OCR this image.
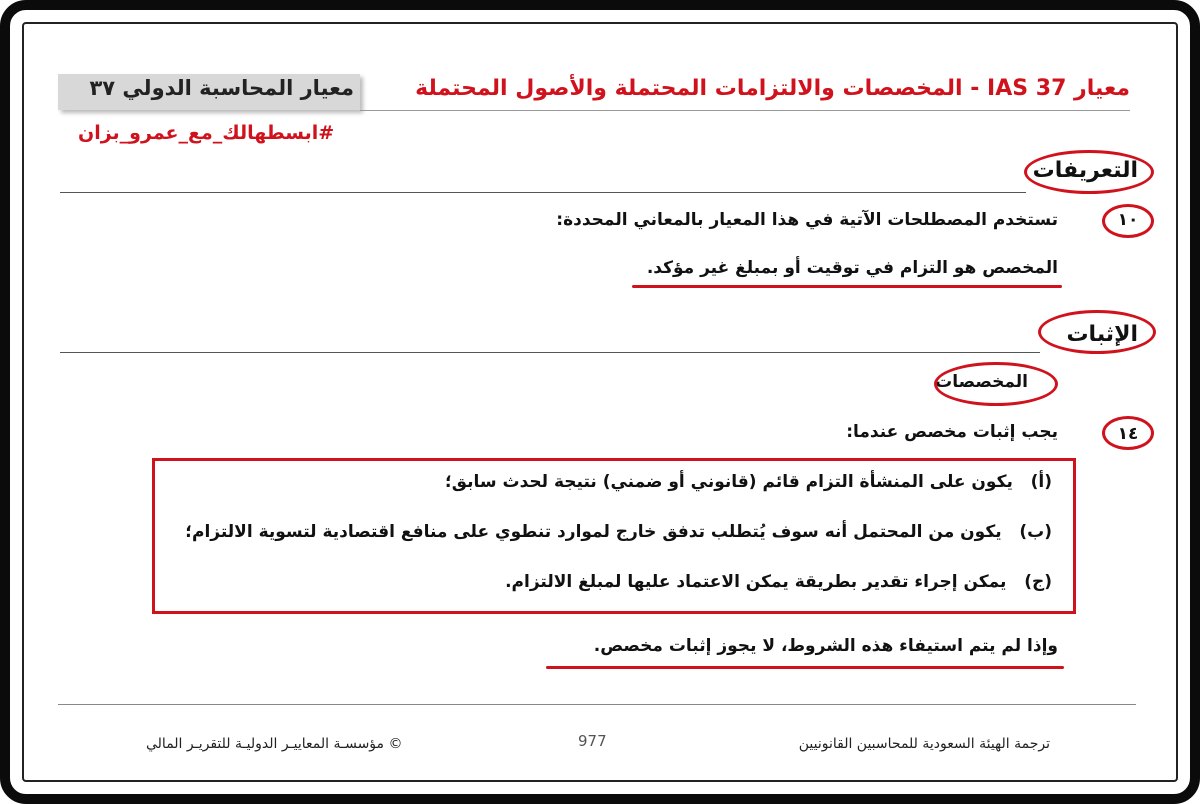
معيار المحاسبة الدولي ٣٧	معيار IAS 37 - المخصصات والالتزامات المحتملة والأصول المحتملة
#ابسطهالك_مع_عمرو_بزان
التعريفات
١٠
تستخدم المصطلحات الآتية في هذا المعيار بالمعاني المحددة:
المخصص هو التزام في توقيت أو بمبلغ غير مؤكد.
الإثبات
المخصصات
١٤
يجب إثبات مخصص عندما:
(أ)   يكون على المنشأة التزام قائم (قانوني أو ضمني) نتيجة لحدث سابق؛
(ب)   يكون من المحتمل أنه سوف يُتطلب تدفق خارج لموارد تنطوي على منافع اقتصادية لتسوية الالتزام؛
(ج)   يمكن إجراء تقدير بطريقة يمكن الاعتماد عليها لمبلغ الالتزام.
وإذا لم يتم استيفاء هذه الشروط، لا يجوز إثبات مخصص.
© مؤسسـة المعاييـر الدوليـة للتقريـر المالي	977	ترجمة الهيئة السعودية للمحاسبين القانونيين
